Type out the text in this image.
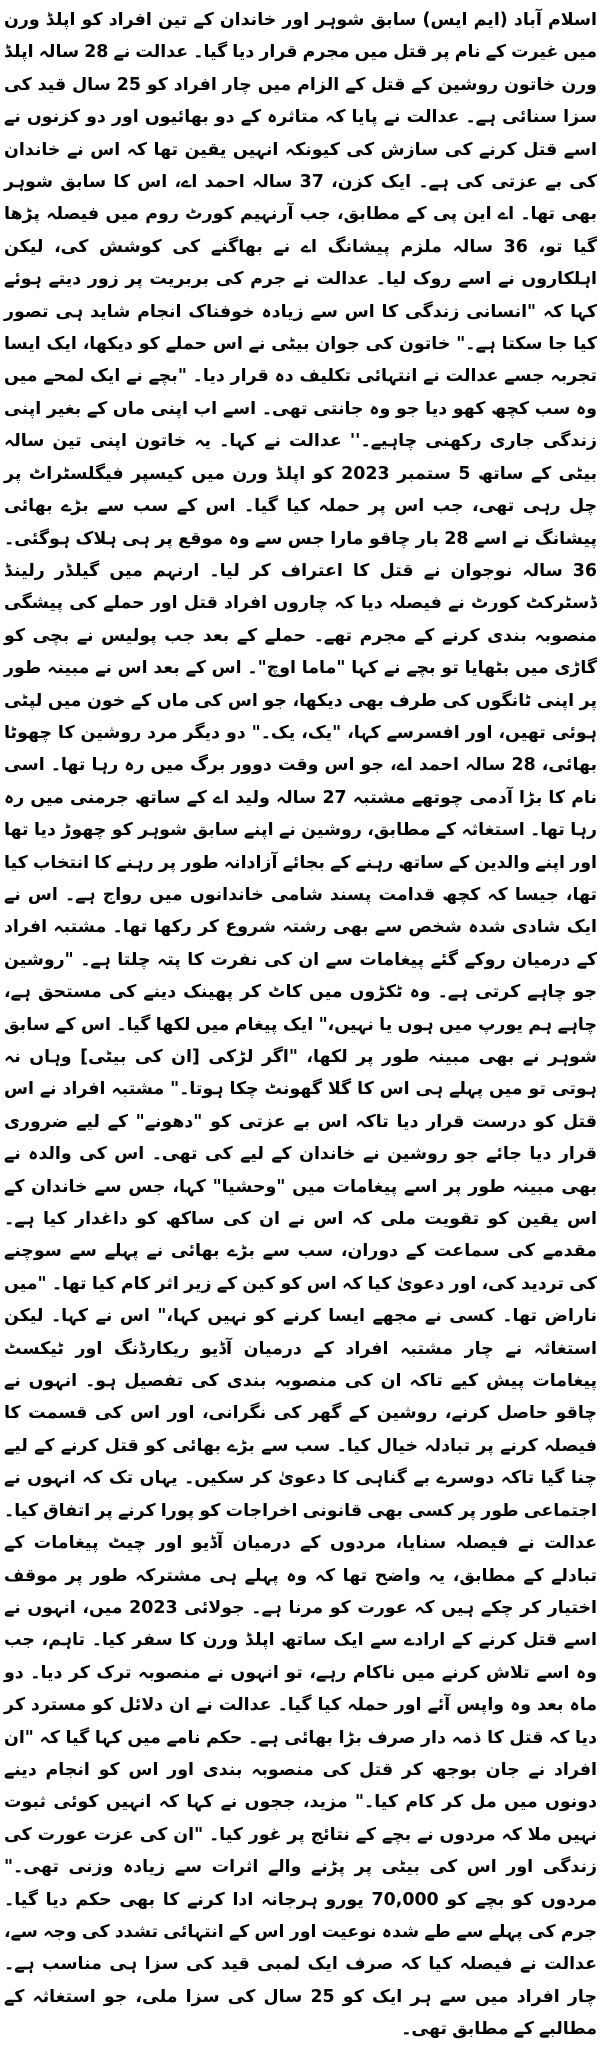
اسلام آباد (ایم ایس) سابق شوہر اور خاندان کے تین افراد کو اپلڈ ورن میں غیرت کے نام پر قتل میں مجرم قرار دیا گیا۔ عدالت نے 28 سالہ اپلڈ ورن خاتون روشین کے قتل کے الزام میں چار افراد کو 25 سال قید کی سزا سنائی ہے۔ عدالت نے پایا کہ متاثرہ کے دو بھائیوں اور دو کزنوں نے اسے قتل کرنے کی سازش کی کیونکہ انہیں یقین تھا کہ اس نے خاندان کی بے عزتی کی ہے۔ ایک کزن، 37 سالہ احمد اے، اس کا سابق شوہر بھی تھا۔ اے این پی کے مطابق، جب آرنہیم کورٹ روم میں فیصلہ پڑھا گیا تو، 36 سالہ ملزم پیشانگ اے نے بھاگنے کی کوشش کی، لیکن اہلکاروں نے اسے روک لیا۔ عدالت نے جرم کی بربریت پر زور دیتے ہوئے کہا کہ "انسانی زندگی کا اس سے زیادہ خوفناک انجام شاید ہی تصور کیا جا سکتا ہے۔" خاتون کی جوان بیٹی نے اس حملے کو دیکھا، ایک ایسا تجربہ جسے عدالت نے انتہائی تکلیف دہ قرار دیا۔ "بچے نے ایک لمحے میں وہ سب کچھ کھو دیا جو وہ جانتی تھی۔ اسے اب اپنی ماں کے بغیر اپنی زندگی جاری رکھنی چاہیے۔'' عدالت نے کہا۔ یہ خاتون اپنی تین سالہ بیٹی کے ساتھ 5 ستمبر 2023 کو اپلڈ ورن میں کیسپر فیگلسٹراٹ پر چل رہی تھی، جب اس پر حملہ کیا گیا۔ اس کے سب سے بڑے بھائی پیشانگ نے اسے 28 بار چاقو مارا جس سے وہ موقع پر ہی ہلاک ہوگئی۔ 36 سالہ نوجوان نے قتل کا اعتراف کر لیا۔ ارنہم میں گیلڈر رلینڈ ڈسٹرکٹ کورٹ نے فیصلہ دیا کہ چاروں افراد قتل اور حملے کی پیشگی منصوبہ بندی کرنے کے مجرم تھے۔ حملے کے بعد جب پولیس نے بچی کو گاڑی میں بٹھایا تو بچے نے کہا "ماما اوچ"۔ اس کے بعد اس نے مبینہ طور پر اپنی ٹانگوں کی طرف بھی دیکھا، جو اس کی ماں کے خون میں لپٹی ہوئی تھیں، اور افسرسے کہا، "یک، یک۔" دو دیگر مرد روشین کا چھوٹا بھائی، 28 سالہ احمد اے، جو اس وقت دوور برگ میں رہ رہا تھا۔ اسی نام کا بڑا آدمی چوتھے مشتبہ 27 سالہ ولید اے کے ساتھ جرمنی میں رہ رہا تھا۔ استغاثہ کے مطابق، روشین نے اپنے سابق شوہر کو چھوڑ دیا تھا اور اپنے والدین کے ساتھ رہنے کے بجائے آزادانہ طور پر رہنے کا انتخاب کیا تھا، جیسا کہ کچھ قدامت پسند شامی خاندانوں میں رواج ہے۔ اس نے ایک شادی شدہ شخص سے بھی رشتہ شروع کر رکھا تھا۔ مشتبہ افراد کے درمیان روکے گئے پیغامات سے ان کی نفرت کا پتہ چلتا ہے۔ "روشین جو چاہے کرتی ہے۔ وہ ٹکڑوں میں کاٹ کر پھینک دینے کی مستحق ہے، چاہے ہم یورپ میں ہوں یا نہیں،" ایک پیغام میں لکھا گیا۔ اس کے سابق شوہر نے بھی مبینہ طور پر لکھا، "اگر لڑکی [ان کی بیٹی] وہاں نہ ہوتی تو میں پہلے ہی اس کا گلا گھونٹ چکا ہوتا۔" مشتبہ افراد نے اس قتل کو درست قرار دیا تاکہ اس بے عزتی کو "دھونے" کے لیے ضروری قرار دیا جائے جو روشین نے خاندان کے لیے کی تھی۔ اس کی والدہ نے بھی مبینہ طور پر اسے پیغامات میں "وحشیا" کہا، جس سے خاندان کے اس یقین کو تقویت ملی کہ اس نے ان کی ساکھ کو داغدار کیا ہے۔ مقدمے کی سماعت کے دوران، سب سے بڑے بھائی نے پہلے سے سوچنے کی تردید کی، اور دعویٰ کیا کہ اس کو کین کے زیر اثر کام کیا تھا۔ "میں ناراض تھا۔ کسی نے مجھے ایسا کرنے کو نہیں کہا،" اس نے کہا۔ لیکن استغاثہ نے چار مشتبہ افراد کے درمیان آڈیو ریکارڈنگ اور ٹیکسٹ پیغامات پیش کیے تاکہ ان کی منصوبہ بندی کی تفصیل ہو۔ انہوں نے چاقو حاصل کرنے، روشین کے گھر کی نگرانی، اور اس کی قسمت کا فیصلہ کرنے پر تبادلہ خیال کیا۔ سب سے بڑے بھائی کو قتل کرنے کے لیے چنا گیا تاکہ دوسرے بے گناہی کا دعویٰ کر سکیں۔ یہاں تک کہ انہوں نے اجتماعی طور پر کسی بھی قانونی اخراجات کو پورا کرنے پر اتفاق کیا۔ عدالت نے فیصلہ سنایا، مردوں کے درمیان آڈیو اور چیٹ پیغامات کے تبادلے کے مطابق، یہ واضح تھا کہ وہ پہلے ہی مشترکہ طور پر موقف اختیار کر چکے ہیں کہ عورت کو مرنا ہے۔ جولائی 2023 میں، انہوں نے اسے قتل کرنے کے ارادے سے ایک ساتھ اپلڈ ورن کا سفر کیا۔ تاہم، جب وہ اسے تلاش کرنے میں ناکام رہے، تو انہوں نے منصوبہ ترک کر دیا۔ دو ماہ بعد وہ واپس آئے اور حملہ کیا گیا۔ عدالت نے ان دلائل کو مسترد کر دیا کہ قتل کا ذمہ دار صرف بڑا بھائی ہے۔ حکم نامے میں کہا گیا کہ "ان افراد نے جان بوجھ کر قتل کی منصوبہ بندی اور اس کو انجام دینے دونوں میں مل کر کام کیا۔" مزید، ججوں نے کہا کہ انہیں کوئی ثبوت نہیں ملا کہ مردوں نے بچے کے نتائج پر غور کیا۔ "ان کی عزت عورت کی زندگی اور اس کی بیٹی پر پڑنے والے اثرات سے زیادہ وزنی تھی۔" مردوں کو بچے کو 70,000 یورو ہرجانہ ادا کرنے کا بھی حکم دیا گیا۔ جرم کی پہلے سے طے شدہ نوعیت اور اس کے انتہائی تشدد کی وجہ سے، عدالت نے فیصلہ کیا کہ صرف ایک لمبی قید کی سزا ہی مناسب ہے۔ چار افراد میں سے ہر ایک کو 25 سال کی سزا ملی، جو استغاثہ کے مطالبے کے مطابق تھی۔
